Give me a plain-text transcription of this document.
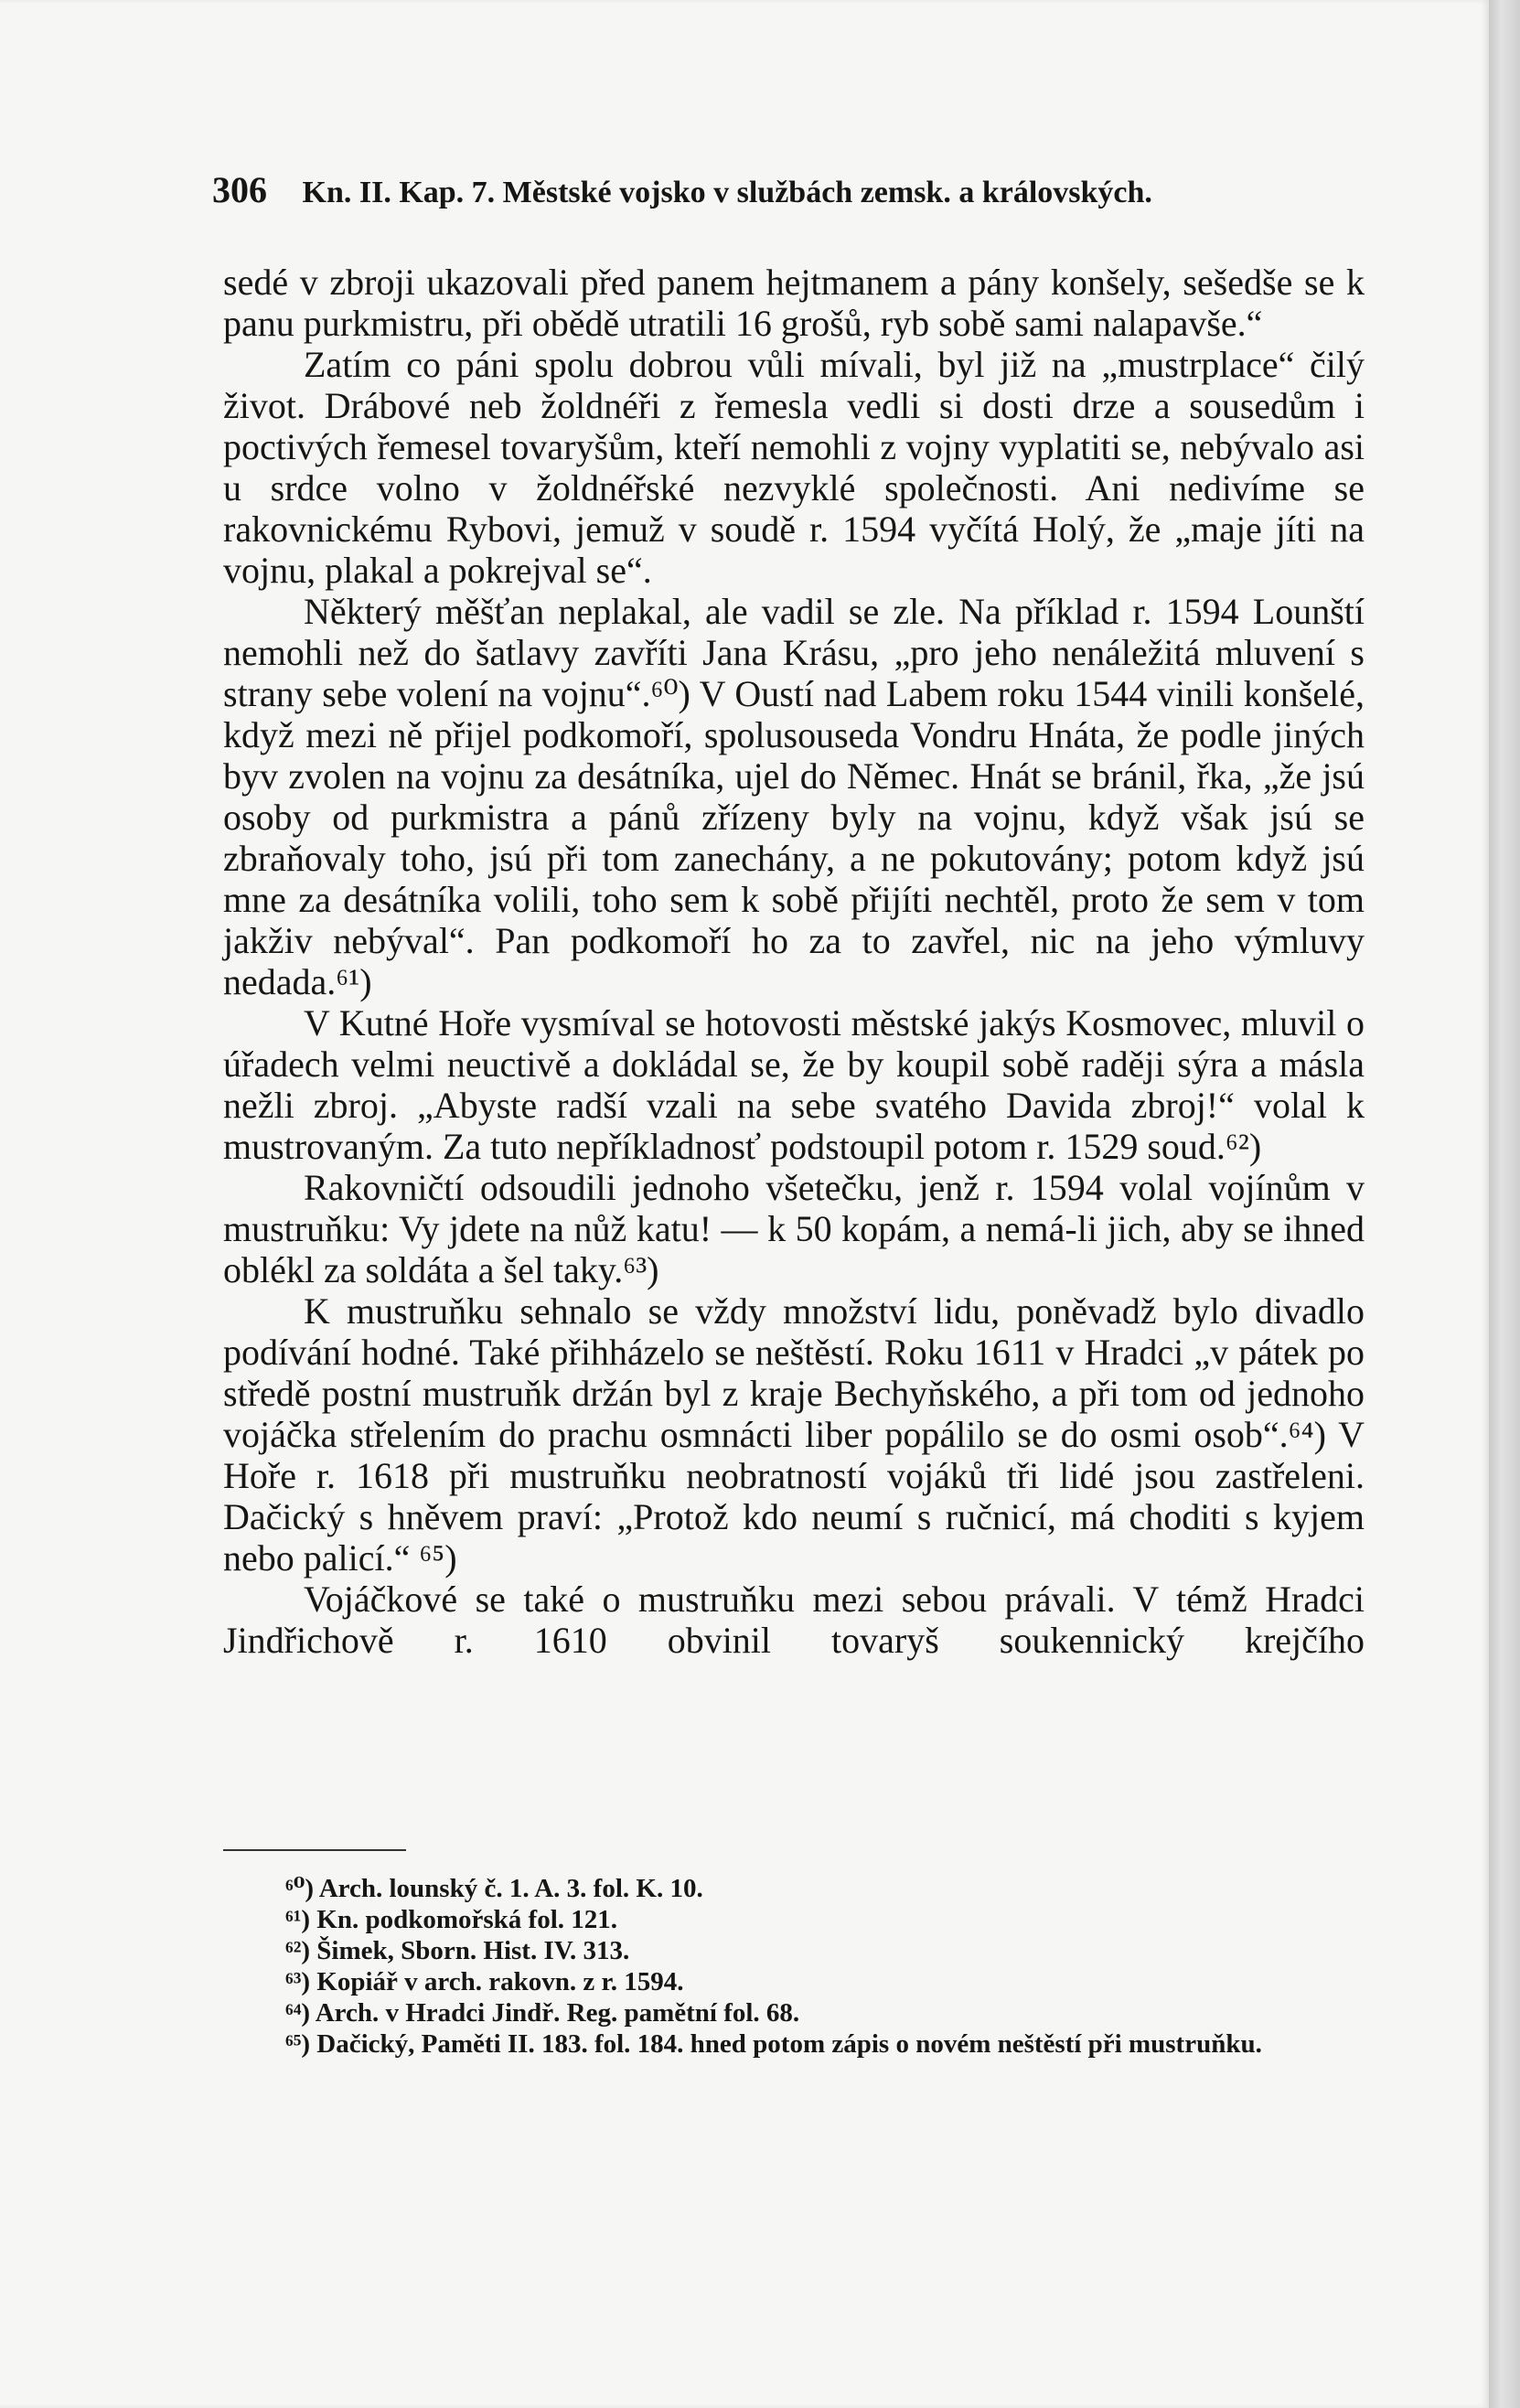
306 Kn. II. Kap. 7. Městské vojsko v službách zemsk. a královských.

sedé v zbroji ukazovali před panem hejtmanem a pány konšely, sešedše se k panu purkmistru, při obědě utratili 16 grošů, ryb sobě sami nalapavše.“

Zatím co páni spolu dobrou vůli mívali, byl již na „mustrplace“ čilý život. Drábové neb žoldnéři z řemesla vedli si dosti drze a sousedům i poctivých řemesel tovaryšům, kteří nemohli z vojny vyplatiti se, nebývalo asi u srdce volno v žoldnéřské nezvyklé společnosti. Ani nedivíme se rakovnickému Rybovi, jemuž v soudě r. 1594 vyčítá Holý, že „maje jíti na vojnu, plakal a pokrejval se“.

Některý měšťan neplakal, ale vadil se zle. Na příklad r. 1594 Lounští nemohli než do šatlavy zavříti Jana Krásu, „pro jeho nenáležitá mluvení s strany sebe volení na vojnu“.⁶⁰) V Oustí nad Labem roku 1544 vinili konšelé, když mezi ně přijel podkomoří, spolusouseda Vondru Hnáta, že podle jiných byv zvolen na vojnu za desátníka, ujel do Němec. Hnát se bránil, řka, „že jsú osoby od purkmistra a pánů zřízeny byly na vojnu, když však jsú se zbraňovaly toho, jsú při tom zanechány, a ne pokutovány; potom když jsú mne za desátníka volili, toho sem k sobě přijíti nechtěl, proto že sem v tom jakživ nebýval“. Pan podkomoří ho za to zavřel, nic na jeho výmluvy nedada.⁶¹)

V Kutné Hoře vysmíval se hotovosti městské jakýs Kosmovec, mluvil o úřadech velmi neuctivě a dokládal se, že by koupil sobě raději sýra a másla nežli zbroj. „Abyste radší vzali na sebe svatého Davida zbroj!“ volal k mustrovaným. Za tuto nepříkladnosť podstoupil potom r. 1529 soud.⁶²)

Rakovničtí odsoudili jednoho všetečku, jenž r. 1594 volal vojínům v mustruňku: Vy jdete na nůž katu! — k 50 kopám, a nemá-li jich, aby se ihned oblékl za soldáta a šel taky.⁶³)

K mustruňku sehnalo se vždy množství lidu, poněvadž bylo divadlo podívání hodné. Také přihházelo se neštěstí. Roku 1611 v Hradci „v pátek po středě postní mustruňk držán byl z kraje Bechyňského, a při tom od jednoho vojáčka střelením do prachu osmnácti liber popálilo se do osmi osob“.⁶⁴) V Hoře r. 1618 při mustruňku neobratností vojáků tři lidé jsou zastřeleni. Dačický s hněvem praví: „Protož kdo neumí s ručnicí, má choditi s kyjem nebo palicí.“ ⁶⁵)

Vojáčkové se také o mustruňku mezi sebou právali. V témž Hradci Jindřichově r. 1610 obvinil tovaryš soukennický krejčího

⁶⁰) Arch. lounský č. 1. A. 3. fol. K. 10.

⁶¹) Kn. podkomořská fol. 121.

⁶²) Šimek, Sborn. Hist. IV. 313.

⁶³) Kopiář v arch. rakovn. z r. 1594.

⁶⁴) Arch. v Hradci Jindř. Reg. pamětní fol. 68.

⁶⁵) Dačický, Paměti II. 183. fol. 184. hned potom zápis o novém neštěstí při mustruňku.
